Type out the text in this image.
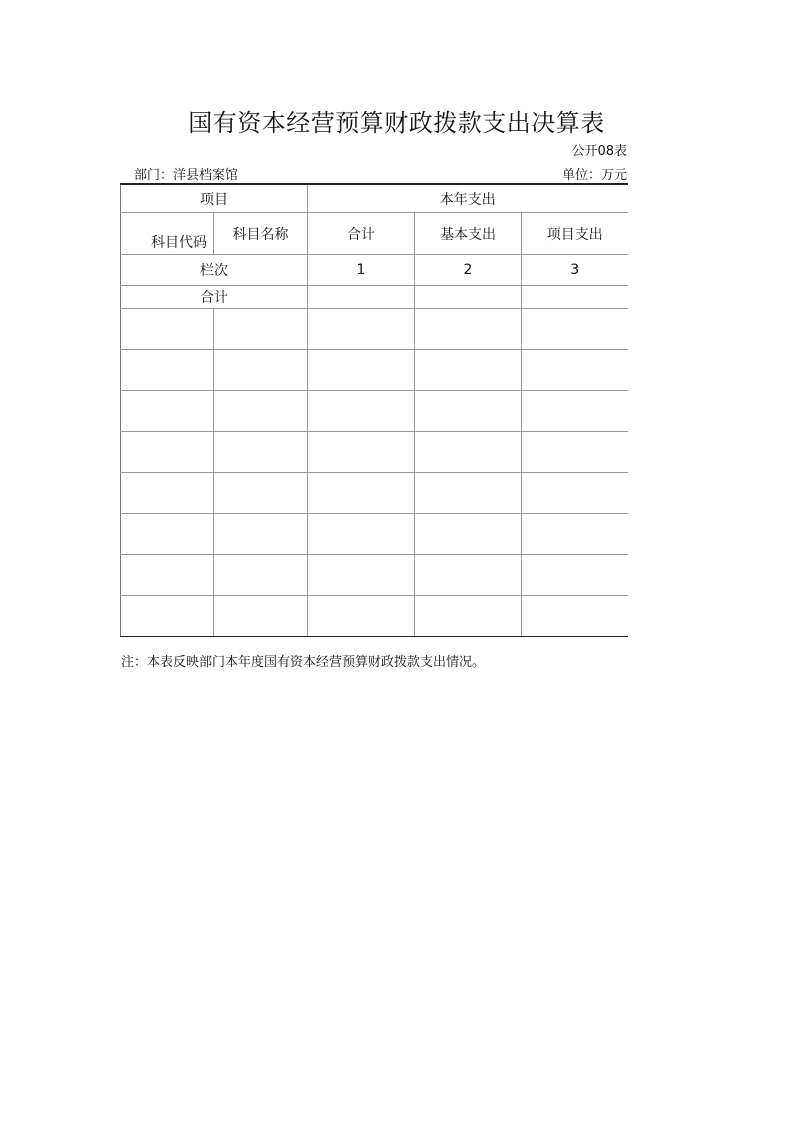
国有资本经营预算财政拨款支出决算表
公开08表
部门：洋县档案馆	单位：万元
项目		本年支出		

科目代码	科目名称	合计	基本支出	项目支出
栏次		1	2	3
合计				

注：本表反映部门本年度国有资本经营预算财政拨款支出情况。
